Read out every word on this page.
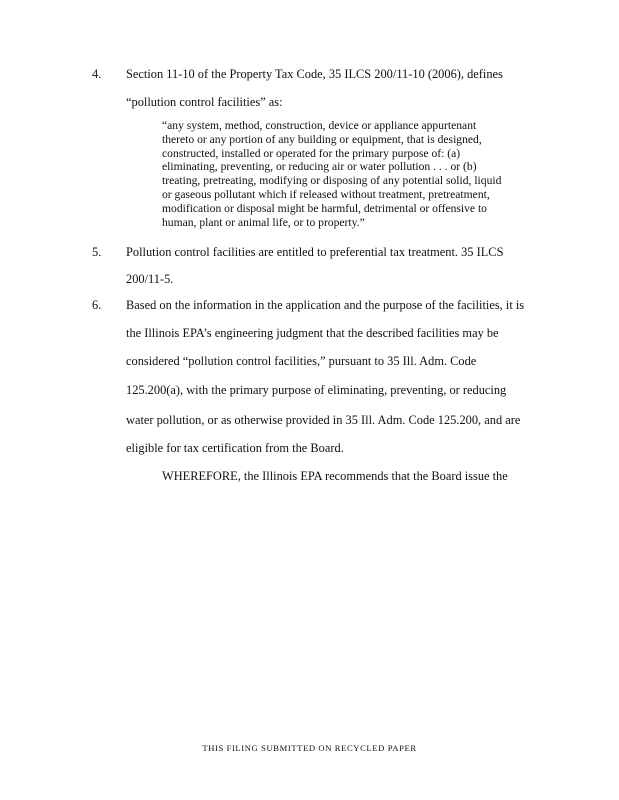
4. Section 11-10 of the Property Tax Code, 35 ILCS 200/11-10 (2006), defines
“pollution control facilities” as:
“any system, method, construction, device or appliance appurtenant
thereto or any portion of any building or equipment, that is designed,
constructed, installed or operated for the primary purpose of: (a)
eliminating, preventing, or reducing air or water pollution . . . or (b)
treating, pretreating, modifying or disposing of any potential solid, liquid
or gaseous pollutant which if released without treatment, pretreatment,
modification or disposal might be harmful, detrimental or offensive to
human, plant or animal life, or to property.”
5. Pollution control facilities are entitled to preferential tax treatment. 35 ILCS
200/11-5.
6. Based on the information in the application and the purpose of the facilities, it is
the Illinois EPA’s engineering judgment that the described facilities may be
considered “pollution control facilities,” pursuant to 35 Ill. Adm. Code
125.200(a), with the primary purpose of eliminating, preventing, or reducing
water pollution, or as otherwise provided in 35 Ill. Adm. Code 125.200, and are
eligible for tax certification from the Board.
WHEREFORE, the Illinois EPA recommends that the Board issue the
THIS FILING SUBMITTED ON RECYCLED PAPER
